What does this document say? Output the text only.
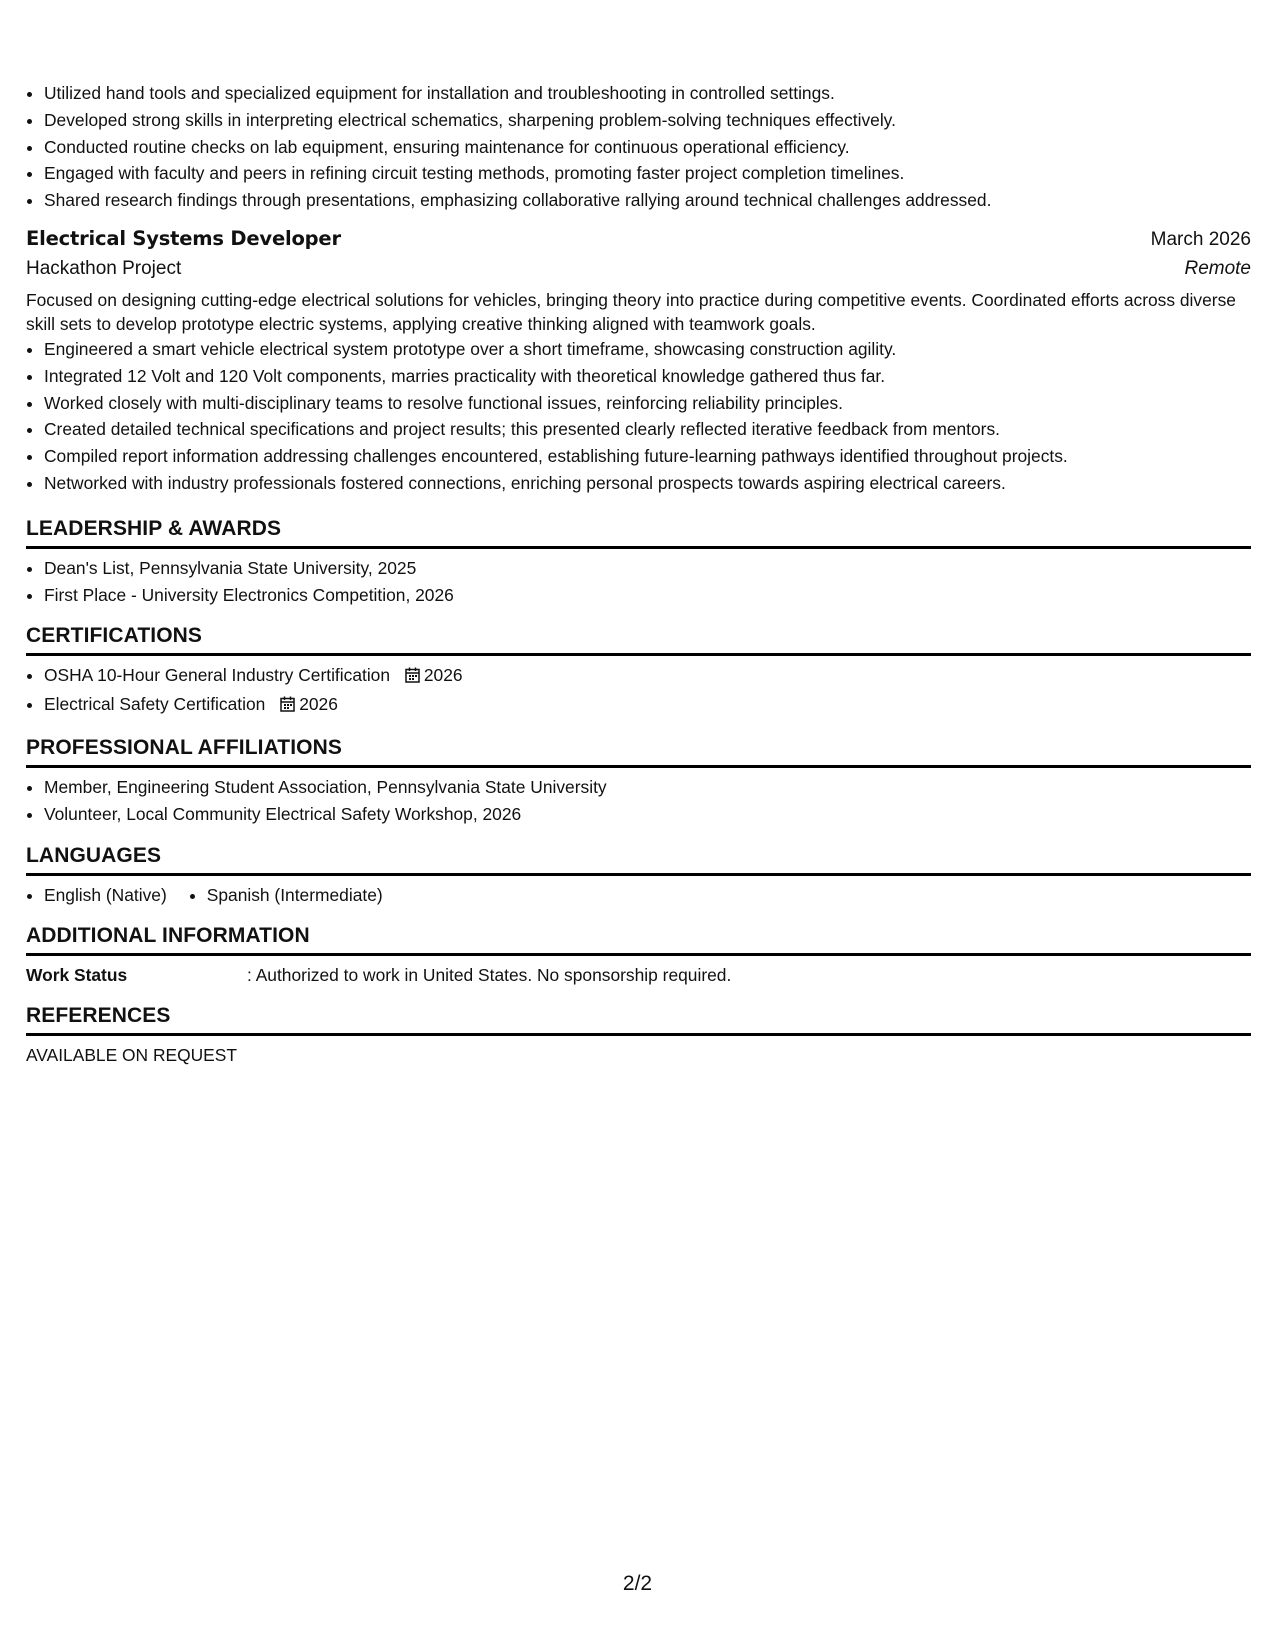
• Utilized hand tools and specialized equipment for installation and troubleshooting in controlled settings.
• Developed strong skills in interpreting electrical schematics, sharpening problem-solving techniques effectively.
• Conducted routine checks on lab equipment, ensuring maintenance for continuous operational efficiency.
• Engaged with faculty and peers in refining circuit testing methods, promoting faster project completion timelines.
• Shared research findings through presentations, emphasizing collaborative rallying around technical challenges addressed.
Electrical Systems Developer	March 2026
Hackathon Project	Remote
Focused on designing cutting-edge electrical solutions for vehicles, bringing theory into practice during competitive events. Coordinated efforts across diverse skill sets to develop prototype electric systems, applying creative thinking aligned with teamwork goals.
• Engineered a smart vehicle electrical system prototype over a short timeframe, showcasing construction agility.
• Integrated 12 Volt and 120 Volt components, marries practicality with theoretical knowledge gathered thus far.
• Worked closely with multi-disciplinary teams to resolve functional issues, reinforcing reliability principles.
• Created detailed technical specifications and project results; this presented clearly reflected iterative feedback from mentors.
• Compiled report information addressing challenges encountered, establishing future-learning pathways identified throughout projects.
• Networked with industry professionals fostered connections, enriching personal prospects towards aspiring electrical careers.
LEADERSHIP & AWARDS
• Dean's List, Pennsylvania State University, 2025
• First Place - University Electronics Competition, 2026
CERTIFICATIONS
• OSHA 10-Hour General Industry Certification 2026
• Electrical Safety Certification 2026
PROFESSIONAL AFFILIATIONS
• Member, Engineering Student Association, Pennsylvania State University
• Volunteer, Local Community Electrical Safety Workshop, 2026
LANGUAGES
• English (Native)
• Spanish (Intermediate)
ADDITIONAL INFORMATION
Work Status	: Authorized to work in United States. No sponsorship required.
REFERENCES
AVAILABLE ON REQUEST
2/2
